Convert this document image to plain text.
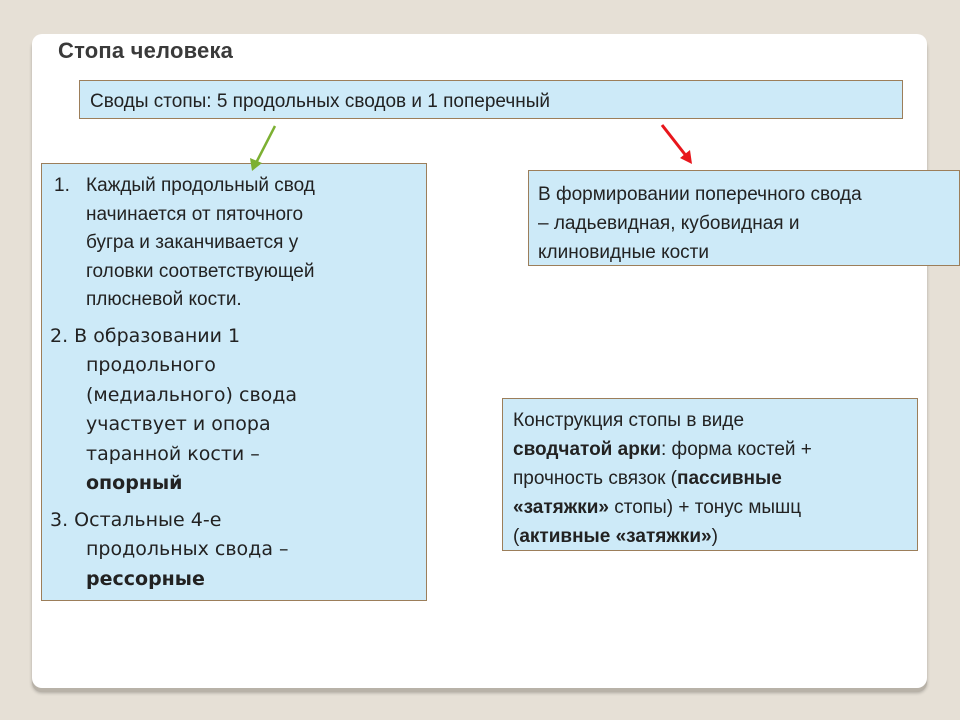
Стопа человека
Своды стопы: 5 продольных сводов и 1 поперечный
1. Каждый продольный свод
начинается от пяточного
бугра и заканчивается у
головки соответствующей
плюсневой кости.
2. В образовании 1
продольного
(медиального) свода
участвует и опора
таранной кости –
опорный
3. Остальные 4-е
продольных свода –
рессорные
В формировании поперечного свода
– ладьевидная, кубовидная и
клиновидные кости
Конструкция стопы в виде
сводчатой арки: форма костей +
прочность связок (пассивные
«затяжки» стопы) + тонус мышц
(активные «затяжки»)
